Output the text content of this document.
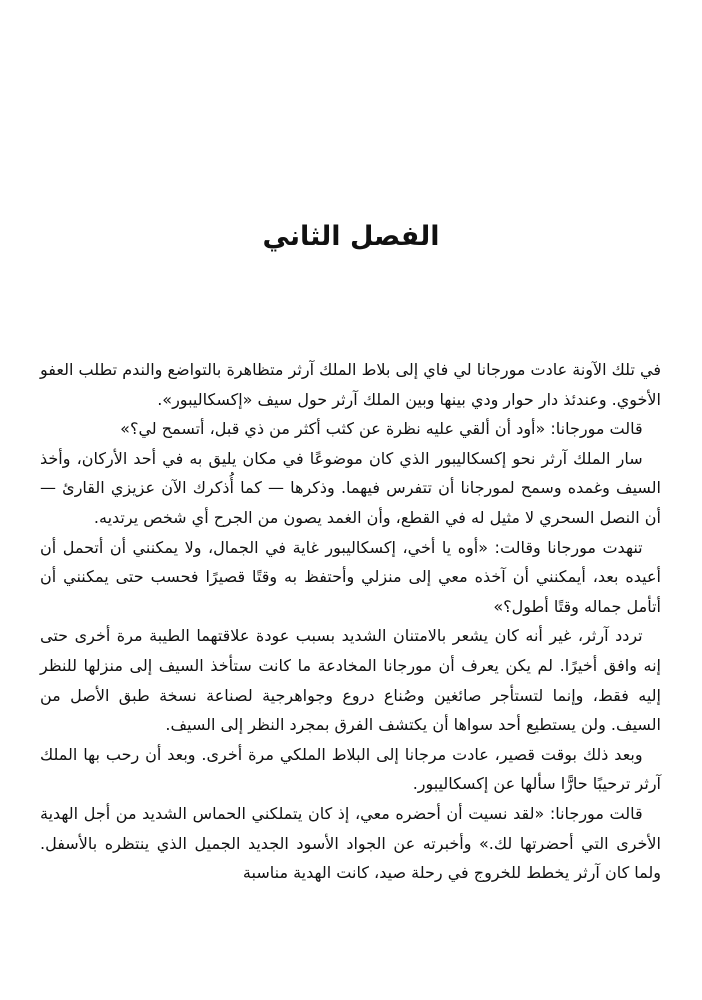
الفصل الثاني

في تلك الآونة عادت مورجانا لي فاي إلى بلاط الملك آرثر متظاهرة بالتواضع والندم تطلب العفو الأخوي. وعندئذ دار حوار ودي بينها وبين الملك آرثر حول سيف «إكسكاليبور».

قالت مورجانا: «أود أن ألقي عليه نظرة عن كثب أكثر من ذي قبل، أتسمح لي؟»

سار الملك آرثر نحو إكسكاليبور الذي كان موضوعًا في مكان يليق به في أحد الأركان، وأخذ السيف وغمده وسمح لمورجانا أن تتفرس فيهما. وذكرها — كما أُذكرك الآن عزيزي القارئ — أن النصل السحري لا مثيل له في القطع، وأن الغمد يصون من الجرح أي شخص يرتديه.

تنهدت مورجانا وقالت: «أوه يا أخي، إكسكاليبور غاية في الجمال، ولا يمكنني أن أتحمل أن أعيده بعد، أيمكنني أن آخذه معي إلى منزلي وأحتفظ به وقتًا قصيرًا فحسب حتى يمكنني أن أتأمل جماله وقتًا أطول؟»

تردد آرثر، غير أنه كان يشعر بالامتنان الشديد بسبب عودة علاقتهما الطيبة مرة أخرى حتى إنه وافق أخيرًا. لم يكن يعرف أن مورجانا المخادعة ما كانت ستأخذ السيف إلى منزلها للنظر إليه فقط، وإنما لتستأجر صائغين وصُناع دروع وجواهرجية لصناعة نسخة طبق الأصل من السيف. ولن يستطيع أحد سواها أن يكتشف الفرق بمجرد النظر إلى السيف.

وبعد ذلك بوقت قصير، عادت مرجانا إلى البلاط الملكي مرة أخرى. وبعد أن رحب بها الملك آرثر ترحيبًا حارًّا سألها عن إكسكاليبور.

قالت مورجانا: «لقد نسيت أن أحضره معي، إذ كان يتملكني الحماس الشديد من أجل الهدية الأخرى التي أحضرتها لك.» وأخبرته عن الجواد الأسود الجديد الجميل الذي ينتظره بالأسفل. ولما كان آرثر يخطط للخروج في رحلة صيد، كانت الهدية مناسبة
